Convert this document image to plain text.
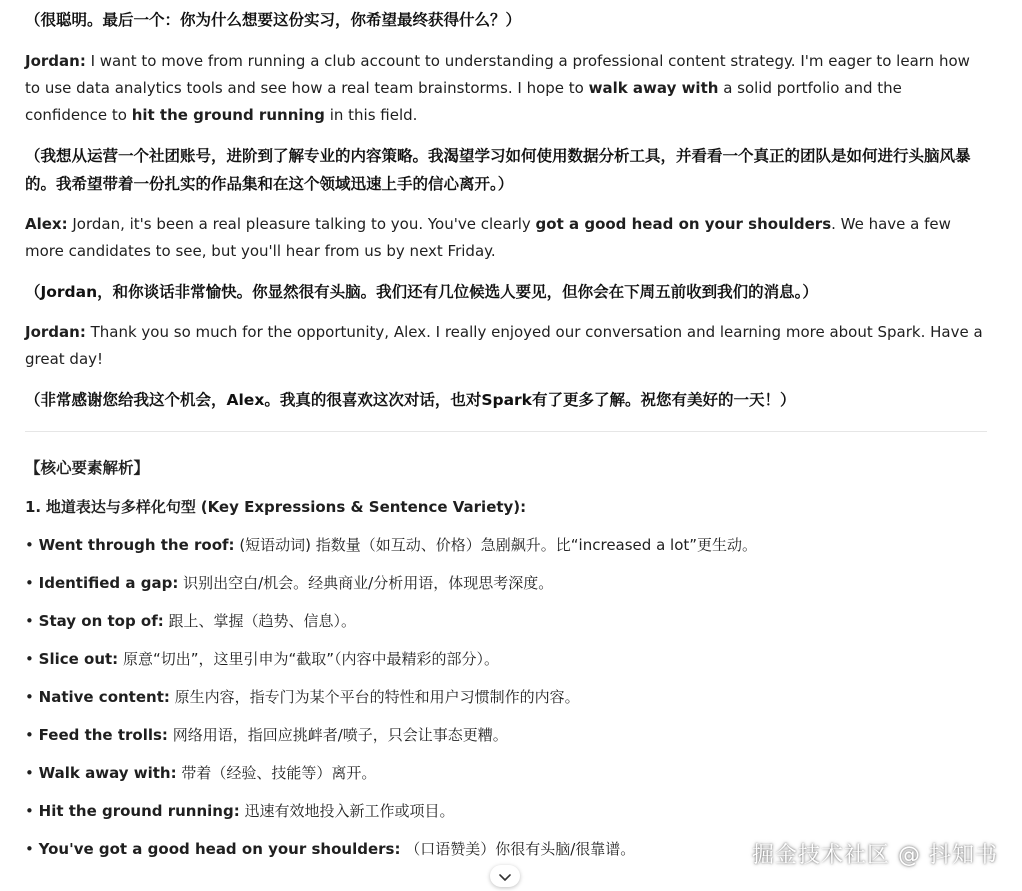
（很聪明。最后一个：你为什么想要这份实习，你希望最终获得什么？）

Jordan: I want to move from running a club account to understanding a professional content strategy. I'm eager to learn how to use data analytics tools and see how a real team brainstorms. I hope to walk away with a solid portfolio and the confidence to hit the ground running in this field.

（我想从运营一个社团账号，进阶到了解专业的内容策略。我渴望学习如何使用数据分析工具，并看看一个真正的团队是如何进行头脑风暴的。我希望带着一份扎实的作品集和在这个领域迅速上手的信心离开。）

Alex: Jordan, it's been a real pleasure talking to you. You've clearly got a good head on your shoulders. We have a few more candidates to see, but you'll hear from us by next Friday.

（Jordan，和你谈话非常愉快。你显然很有头脑。我们还有几位候选人要见，但你会在下周五前收到我们的消息。）

Jordan: Thank you so much for the opportunity, Alex. I really enjoyed our conversation and learning more about Spark. Have a great day!

（非常感谢您给我这个机会，Alex。我真的很喜欢这次对话，也对Spark有了更多了解。祝您有美好的一天！）

【核心要素解析】
1. 地道表达与多样化句型 (Key Expressions & Sentence Variety):
• Went through the roof: (短语动词) 指数量（如互动、价格）急剧飙升。比“increased a lot”更生动。
• Identified a gap: 识别出空白/机会。经典商业/分析用语，体现思考深度。
• Stay on top of: 跟上、掌握（趋势、信息）。
• Slice out: 原意“切出”，这里引申为“截取”（内容中最精彩的部分）。
• Native content: 原生内容，指专门为某个平台的特性和用户习惯制作的内容。
• Feed the trolls: 网络用语，指回应挑衅者/喷子，只会让事态更糟。
• Walk away with: 带着（经验、技能等）离开。
• Hit the ground running: 迅速有效地投入新工作或项目。
• You've got a good head on your shoulders: （口语赞美）你很有头脑/很靠谱。	掘金技术社区 @ 抖知书
